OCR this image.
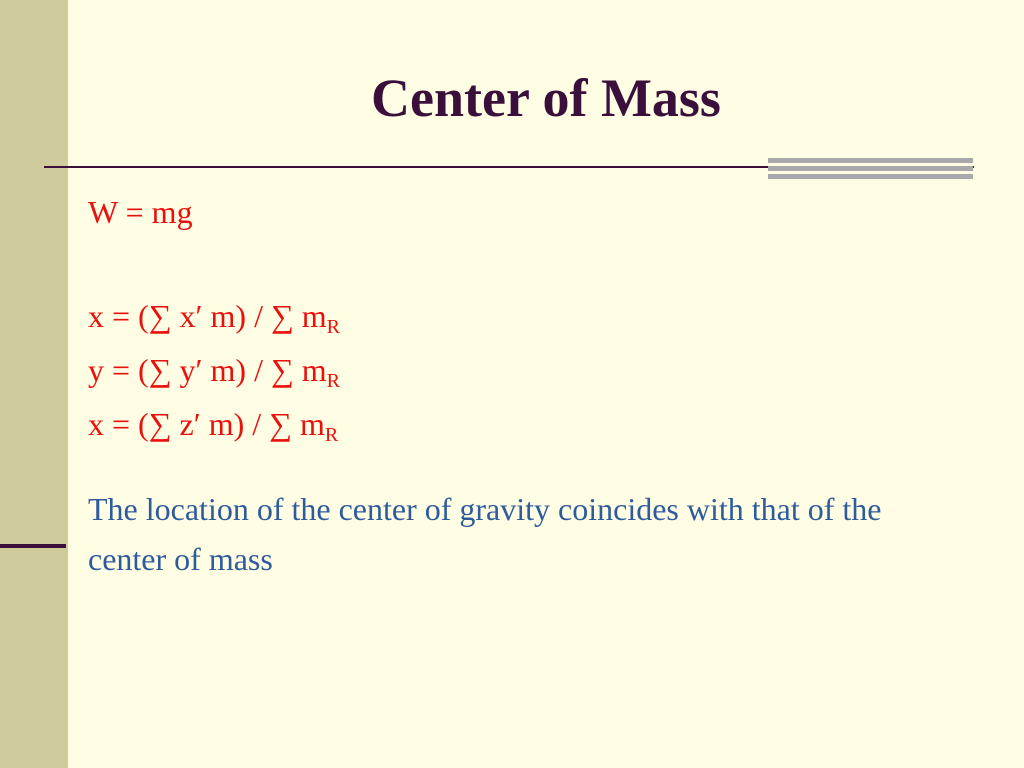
Center of Mass
W = mg
x = (∑ x′ m) / ∑ $m_R$
y = (∑ y′ m) / ∑ $m_R$
x = (∑ z′ m) / ∑ $m_R$
The location of the center of gravity coincides with that of the center of mass
